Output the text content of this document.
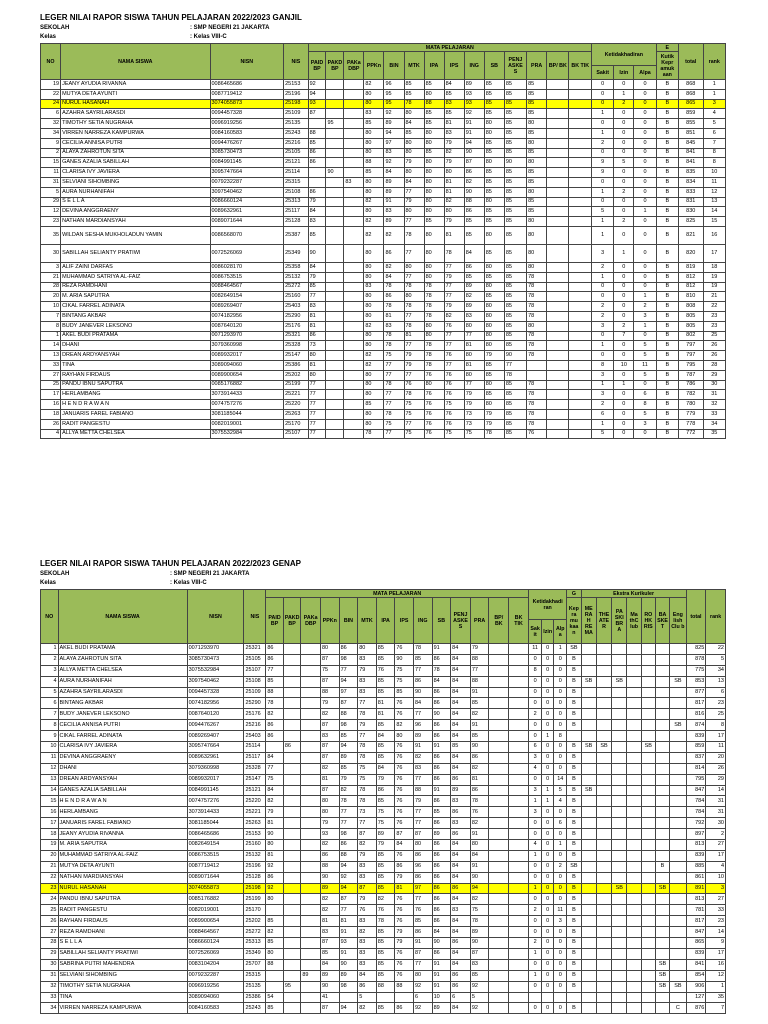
LEGER NILAI RAPOR SISWA TAHUN PELAJARAN 2022/2023 GANJIL
SEKOLAH	: SMP NEGERI 21 JAKARTA
Kelas	: Kelas VIII-C
NO	NAMA SISWA	NISN	NIS	MATA PELAJARAN														Ketidakhadiran			E	total	rank
				PAID BP	PAKD BP	PAKa DBP	PPKn	BIN	MTK	IPA	IPS	ING	SB	PENJ ASKE S	PRA	BP/ BK	BK TIK				Kutik Kepr amuk aan		
																		Sakit	Izin	Alpa			
19	JEANY AYUDIA RIVANNA	0086465686	25153	92			82	96	85	85	84	89	85	85	85			0	0	0	B	868	1
22	MUTYA DETA AYUNTI	0087719412	25196	94			80	95	85	80	85	93	85	85	85			0	1	0	B	868	1
24	NURUL HASANAH	3074055873	25198	93			80	95	78	88	83	93	85	85	85			0	2	0	B	865	3
6	AZAHRA SAYRILARASDI	0094457328	25109	87			83	92	80	85	85	92	85	85	85			1	0	0	B	859	4
32	TIMOTHY SETIA NUGRAHA	0096919256	25135		95		85	89	84	85	81	91	80	85	80			0	0	0	B	855	5
34	VIRREN NARREZA KAMPURWA	0084160583	25243	88			80	94	85	80	83	91	80	85	85			1	0	0	B	851	6
9	CECILIA ANNISA PUTRI	0094476267	25216	85			80	97	80	80	79	94	85	85	80			2	0	0	B	845	7
2	ALAYA ZAHROTUN SITA	3085730473	25105	86			80	83	80	85	82	90	85	85	85			0	0	0	B	841	8
15	GANES AZALIA SABILLAH	0084991145	25121	86			88	92	79	80	79	87	80	90	80			9	5	0	B	841	8
11	CLARISA IVY JAVIERA	3095747664	25114		90		85	84	80	80	80	86	85	85	85			9	0	0	B	835	10
31	SELVIANI SIHOMBING	0079232287	25315			83	80	89	84	80	81	82	85	85	85			0	0	0	B	834	11
5	AURA NURHANIFAH	3097540462	25108	86			80	89	77	80	81	90	85	85	80			1	2	0	B	833	12
29	S E L L A	0086660124	25313	79			82	91	79	80	82	88	80	85	85			0	0	0	B	831	13
12	DEVINA ANGGRAENY	0089632961	25117	84			80	83	80	80	80	86	85	85	85			5	0	1	B	830	14
23	NATHAN MARDIANSYAH	0089071644	25128	83			82	89	77	85	79	85	85	85	80			1	2	0	B	825	15
35	WILDAN SESHA MUKHOLADUN YAMIN	0086568070	25387	85			82	82	78	80	81	85	80	85	80			1	0	0	B	821	16
30	SABILLAH SELIANTY PRATIWI	0072526069	25349	90			80	86	77	80	78	84	85	85	80			3	1	0	B	820	17
3	ALIF ZAINI DARFAS	0086028170	25358	84			80	82	80	80	77	86	80	85	80			2	0	0	B	819	18
21	MUHAMMAD SATRIYA AL-FAIZ	0086753515	25132	79			80	84	77	80	79	85	85	85	78			1	0	0	B	812	19
28	REZA RAMDHANI	0088464567	25272	85			83	78	78	78	77	89	80	85	78			0	0	0	B	812	19
20	M. ARIA SAPUTRA	0082649154	25160	77			80	86	80	78	77	82	85	85	78			0	0	1	B	810	21
10	CIKAL FARREL ADINATA	0089269407	25403	83			80	78	78	78	79	89	80	85	78			2	0	2	B	808	22
7	BINTANG AKBAR	0074182956	25290	81			80	81	77	78	82	83	80	85	78			2	0	3	B	805	23
8	BUDY JANEVER LEKSONO	0087640120	25176	81			82	83	78	80	76	80	80	85	80			3	2	1	B	805	23
1	AKEL BUDI PRATAMA	0071293970	25321	86			80	78	81	80	77	77	80	85	78			0	7	0	B	802	25
14	DHANI	3079360998	25328	73			80	78	77	78	77	81	80	85	78			1	0	5	B	797	26
13	DREAN ARDYANSYAH	0089932017	25147	80			82	75	79	78	76	80	79	90	78			0	0	5	B	797	26
33	TINA	3089094060	25386	81			82	77	79	78	77	81	85	77				8	10	11	B	795	28
27	RAYHAN FIRDAUS	0089900654	25202	80			80	77	77	76	76	80	85	78				3	0	5	B	787	29
25	PANDU IBNU SAPUTRA	0085176882	25199	77			80	78	76	80	76	77	80	85	78			1	1	0	B	786	30
17	HERLAMBANG	3073914433	25221	77			80	77	78	76	76	79	85	85	78			3	0	6	B	782	31
16	H E N D R A W A N	0074757276	25220	77			85	77	75	76	75	79	80	85	78			2	0	8	B	780	32
18	JANUARIS FAREL FABIANO	3081185044	25263	77			80	78	75	76	76	73	79	85	78			6	0	5	B	779	33
26	RADIT PANGESTU	0082019001	25170	77			80	75	77	76	76	73	79	85	78			1	0	3	B	778	34
4	ALLYA METTA CHELSEA	3075532984	25107	77			78	77	75	76	75	75	78	85	76			5	0	0	B	772	35
LEGER NILAI RAPOR SISWA TAHUN PELAJARAN 2022/2023 GENAP
SEKOLAH	: SMP NEGERI 21 JAKARTA
Kelas	: Kelas VIII-C
NO	NAMA SISWA	NISN	NIS	MATA PELAJARAN														Ketidakhadi ran			G	Ekstra Kurikuler							total	rank
				PAID BP	PAKD BP	PAKa DBP	PPKn	BIN	MTK	IPA	IPS	ING	SB	PENJ ASKE S	PRA	BP/ BK	BK TIK				Kep ra mu kaa n	ME RA H RE MA	THE ATE R	PA SKI BR A	Ma thC lub	RO HK RIS	BA SKE T	Eng lish Clu b		
																		Sak it	Izin	Alp a										
1	AKEL BUDI PRATAMA	0071293970	25321	86			80	86	80	85	76	78	91	84	79			11	0	1	SB								825	22
2	ALAYA ZAHROTUN SITA	3085730473	25105	86			87	98	83	85	90	85	86	84	88			0	0	0	B								878	5
3	ALLYA METTA CHELSEA	3075532984	25107	77			75	77	79	76	75	77	78	84	77			8	0	0	B								775	34
4	AURA NURHANIFAH	3097540462	25108	85			87	94	83	85	75	86	84	84	88			0	0	0	B	SB		SB				SB	853	13
5	AZAHRA SAYRILARASDI	0094457328	25109	88			88	97	83	85	85	90	86	84	91			0	0	0	B								877	6
6	BINTANG AKBAR	0074182956	25290	78			79	87	77	81	76	84	86	84	85			0	0	0	B								817	23
7	BUDY JANEVER LEKSONO	0087640120	25176	82			82	88	78	81	76	77	90	84	82			2	0	0	B								816	25
8	CECILIA ANNISA PUTRI	0094476267	25216	86			87	98	79	85	82	96	86	84	91			0	0	0	B							SB	874	8
9	CIKAL FARREL ADINATA	0089269407	25403	86			83	85	77	84	80	89	86	84	85			0	1	8									839	17
10	CLARISA IVY JAVIERA	3095747664	25114		86		87	94	78	85	76	91	91	85	90			6	0	0	B	SB	SB			SB			859	11
11	DEVINA ANGGRAENY	0089632961	25117	84			87	89	78	85	76	82	86	84	86			3	0	0	B								837	20
12	DHANI	3079360998	25328	77			82	85	75	84	76	83	86	84	82			4	0	0	B								814	26
13	DREAN ARDYANSYAH	0089932017	25147	75			81	79	75	79	76	77	86	86	81			0	0	14	B								795	29
14	GANES AZALIA SABILLAH	0084991145	25121	84			87	82	78	86	76	88	91	89	86			3	1	5	B	SB							847	14
15	H E N D R A W A N	0074757276	25220	82			80	78	78	85	76	79	86	83	78			1	1	4	B								784	31
16	HERLAMBANG	3073914433	25221	79			80	77	73	75	76	77	85	86	76			3	0	0	B								784	31
17	JANUARIS FAREL FABIANO	3081185044	25263	81			79	77	77	75	76	77	86	83	82			0	0	6	B								792	30
18	JEANY AYUDIA RIVANNA	0086465686	25153	90			93	98	87	89	87	87	89	86	91			0	0	0	B								897	2
19	M. ARIA SAPUTRA	0082649154	25160	80			82	86	82	79	84	80	86	84	80			4	0	1	B								813	27
20	MUHAMMAD SATRIYA AL-FAIZ	0086753515	25132	81			86	88	79	85	76	86	86	84	84			1	0	0	B								839	17
21	MUTYA DETA AYUNTI	0087719412	25196	92			88	94	83	85	86	96	86	84	91			0	0	2	SB						B		885	4
22	NATHAN MARDIANSYAH	0089071644	25128	86			90	92	83	85	79	86	86	84	90			0	0	0	B								861	10
23	NURUL HASANAH	3074055873	25198	92			89	94	87	85	81	97	86	86	94			1	0	0	B			SB			SB		891	3
24	PANDU IBNU SAPUTRA	0085176882	25199	80			82	87	79	82	76	77	86	84	82			0	0	0	B								813	27
25	RADIT PANGESTU	0082019001	25170				82	77	76	76	76	76	86	83	75			2	0	11	B								781	33
26	RAYHAN FIRDAUS	0089900654	25202	85			81	81	83	78	76	85	86	84	78			0	0	3	B								817	23
27	REZA RAMDHANI	0088464567	25272	82			83	91	82	85	79	86	84	84	89			0	0	0	B								847	14
28	S E L L A	0086660124	25313	85			87	93	83	85	79	91	90	86	90			2	0	0	B								865	9
29	SABILLAH SELIANTY PRATIWI	0072526069	25349	80			85	91	83	85	76	87	86	84	87			1	0	0	B								839	17
30	SABRINA PUTRI MAHENDRA	0083104204	25707	88			84	90	83	85	76	77	91	84	83			0	0	0	B						SB		841	16
31	SELVIANI SIHOMBING	0079232287	25315			89	89	89	84	85	76	80	91	86	85			1	0	0	B						SB		854	12
32	TIMOTHY SETIA NUGRAHA	0096919256	25135		95		90	98	86	88	88	92	91	86	92			0	0	0	B						SB	SB	906	1
33	TINA	3089094060	25386	54			41		5			6	10	6	5														127	35
34	VIRREN NARREZA KAMPURWA	0084160583	25243	85			87	94	82	85	86	92	89	84	92			0	0	0	B							C	876	7
